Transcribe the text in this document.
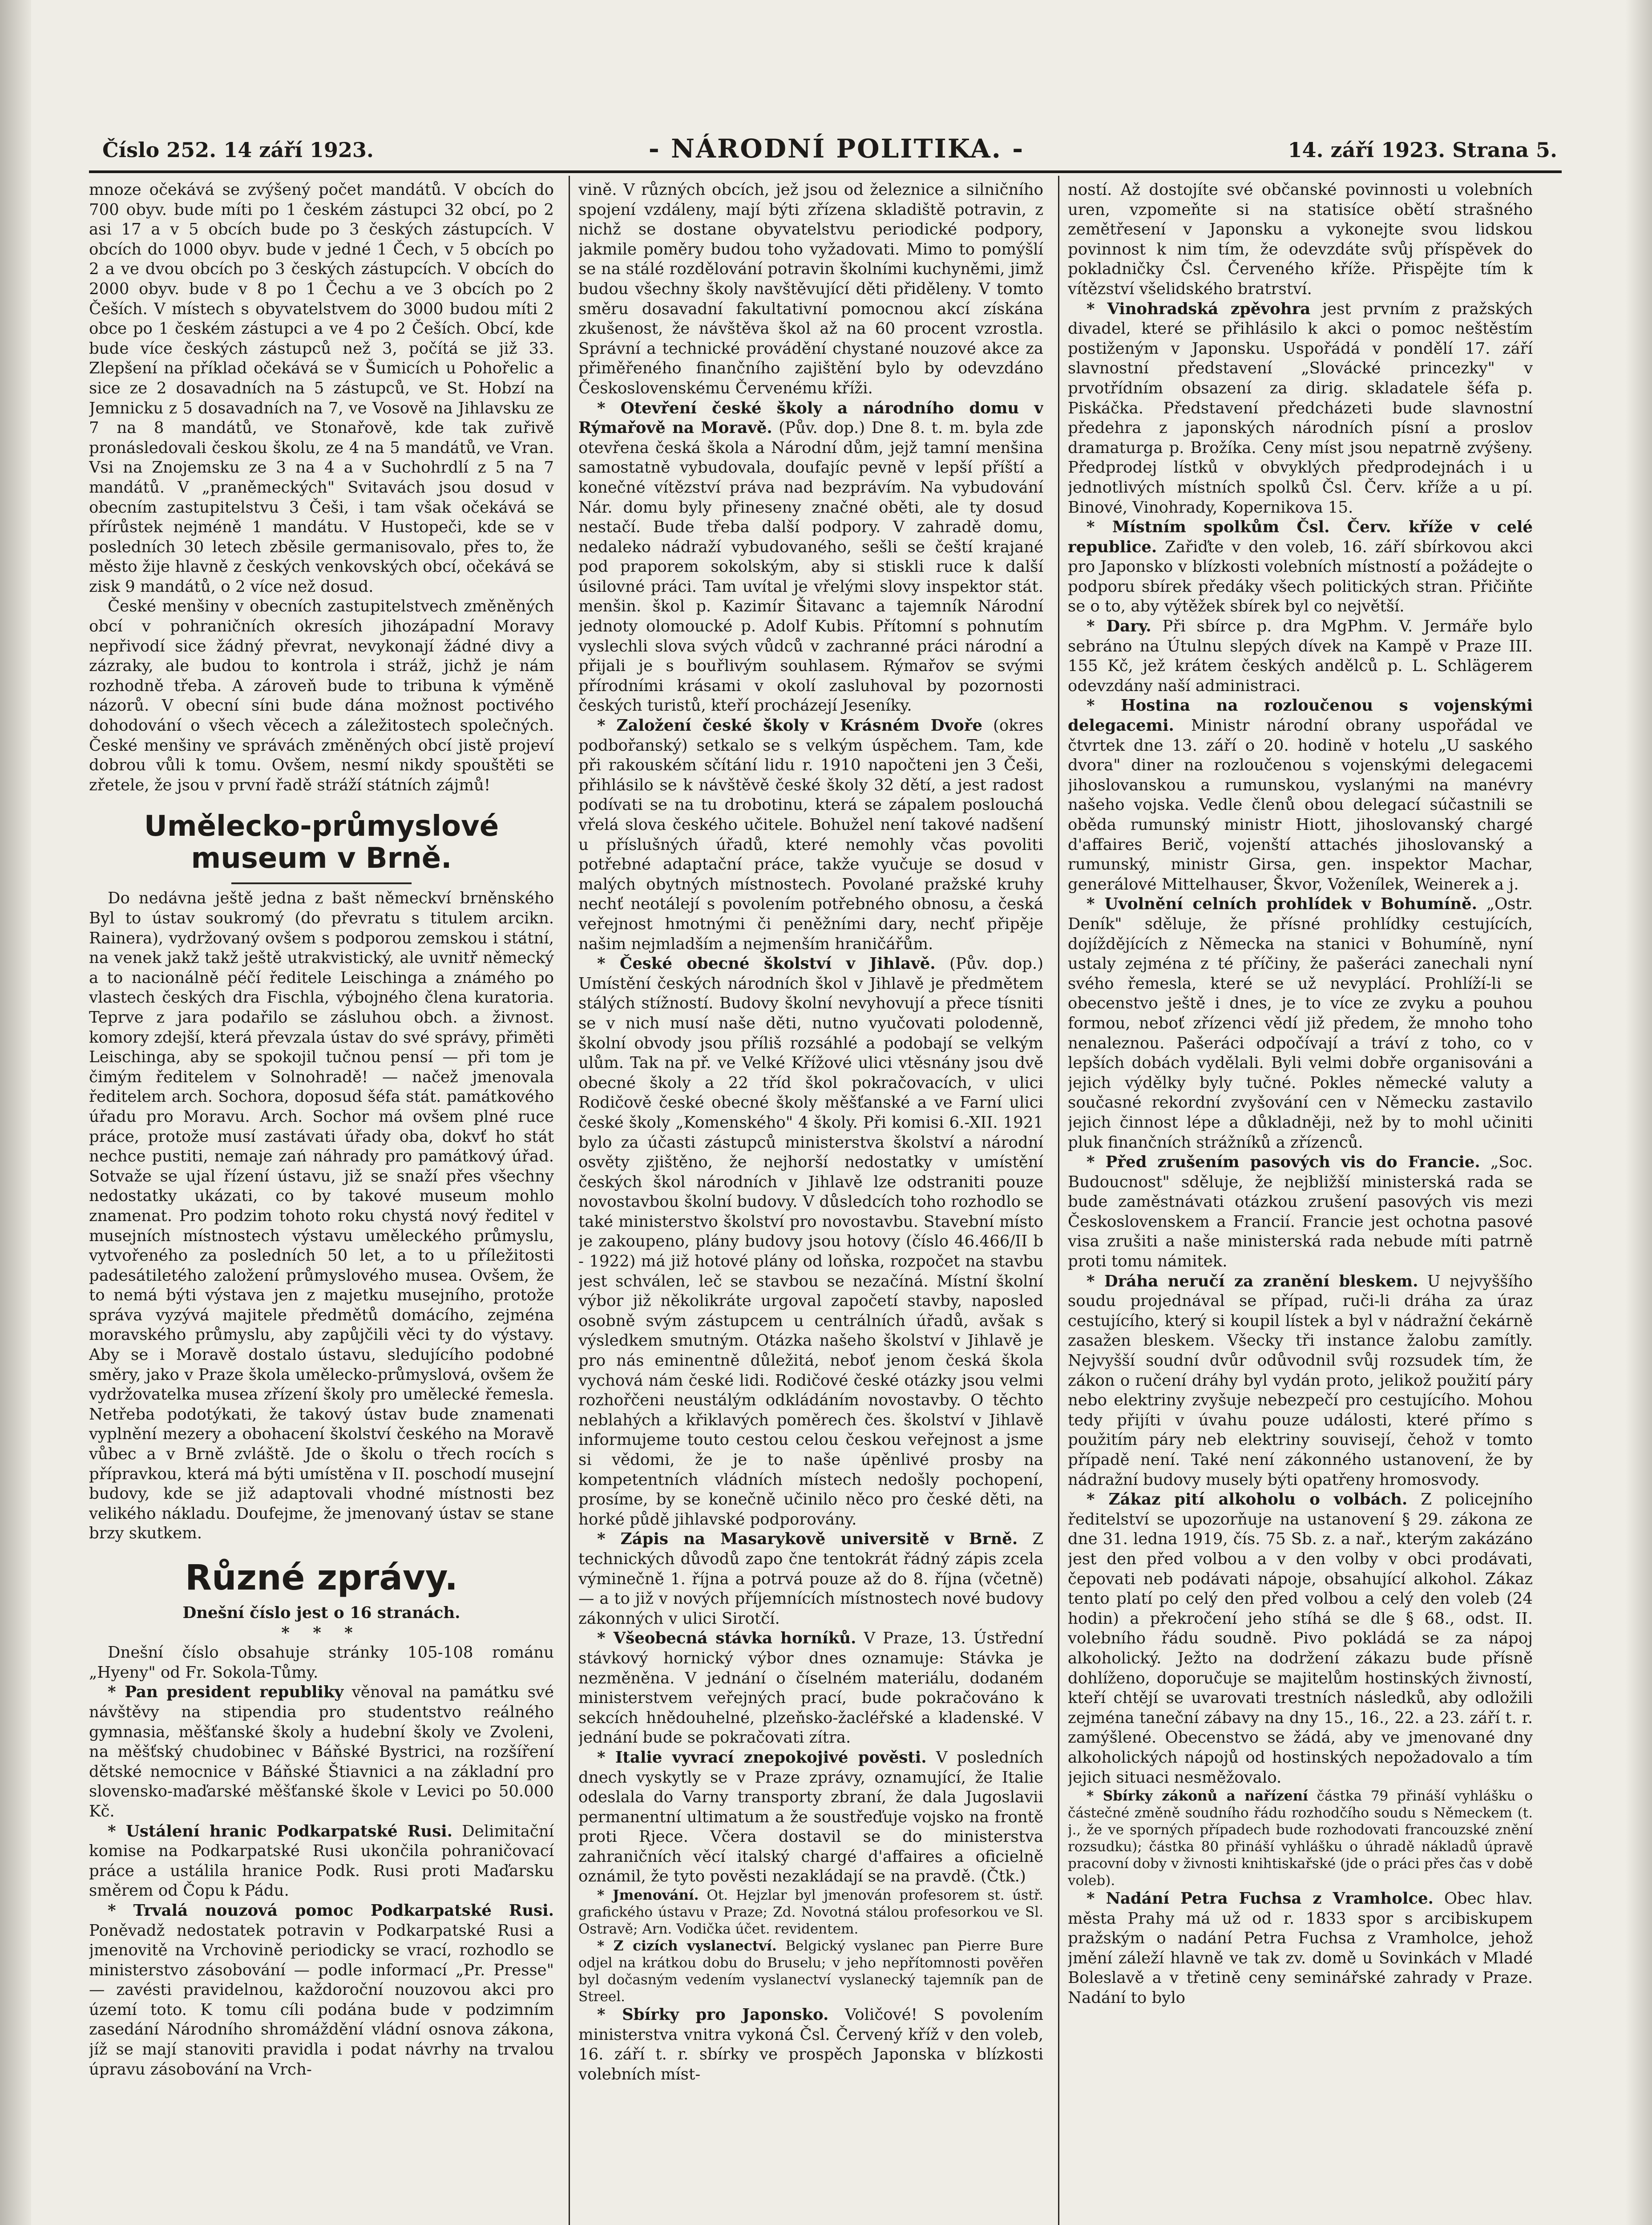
Číslo 252. 14 září 1923.	- NÁRODNÍ POLITIKA. -	14. září 1923. Strana 5.

mnoze očekává se zvýšený počet mandátů. V obcích do 700 obyv. bude míti po 1 českém zástupci 32 obcí, po 2 asi 17 a v 5 obcích bude po 3 českých zástupcích. V obcích do 1000 obyv. bude v jedné 1 Čech, v 5 obcích po 2 a ve dvou obcích po 3 českých zástupcích. V obcích do 2000 obyv. bude v 8 po 1 Čechu a ve 3 obcích po 2 Češích. V místech s obyvatelstvem do 3000 budou míti 2 obce po 1 českém zástupci a ve 4 po 2 Češích. Obcí, kde bude více českých zástupců než 3, počítá se již 33. Zlepšení na příklad očekává se v Šumicích u Pohořelic a sice ze 2 dosavadních na 5 zástupců, ve St. Hobzí na Jemnicku z 5 dosavadních na 7, ve Vosově na Jihlavsku ze 7 na 8 mandátů, ve Stonařově, kde tak zuřivě pronásledovali českou školu, ze 4 na 5 mandátů, ve Vran. Vsi na Znojemsku ze 3 na 4 a v Suchohrdlí z 5 na 7 mandátů. V „praněmeckých" Svitavách jsou dosud v obecním zastupitelstvu 3 Češi, i tam však očekává se přírůstek nejméně 1 mandátu. V Hustopeči, kde se v posledních 30 letech zběsile germanisovalo, přes to, že město žije hlavně z českých venkovských obcí, očekává se zisk 9 mandátů, o 2 více než dosud.

České menšiny v obecních zastupitelstvech změněných obcí v pohraničních okresích jihozápadní Moravy nepřivodí sice žádný převrat, nevykonají žádné divy a zázraky, ale budou to kontrola i stráž, jichž je nám rozhodně třeba. A zároveň bude to tribuna k výměně názorů. V obecní síni bude dána možnost poctivého dohodování o všech věcech a záležitostech společných. České menšiny ve správách změněných obcí jistě projeví dobrou vůli k tomu. Ovšem, nesmí nikdy spouštěti se zřetele, že jsou v první řadě stráží státních zájmů!

Umělecko-průmyslové museum v Brně.

Do nedávna ještě jedna z bašt německví brněnského Byl to ústav soukromý (do převratu s titulem arcikn. Rainera), vydržovaný ovšem s podporou zemskou i státní, na venek jakž takž ještě utrakvistický, ale uvnitř německý a to nacionálně péčí ředitele Leischinga a známého po vlastech českých dra Fischla, výbojného člena kuratoria. Teprve z jara podařilo se zásluhou obch. a živnost. komory zdejší, která převzala ústav do své správy, přiměti Leischinga, aby se spokojil tučnou pensí — při tom je čimým ředitelem v Solnohradě! — načež jmenovala ředitelem arch. Sochora, doposud šéfa stát. památkového úřadu pro Moravu. Arch. Sochor má ovšem plné ruce práce, protože musí zastávati úřady oba, dokvť ho stát nechce pustiti, nemaje zań náhrady pro památkový úřad. Sotvaže se ujal řízení ústavu, již se snaží přes všechny nedostatky ukázati, co by takové museum mohlo znamenat. Pro podzim tohoto roku chystá nový ředitel v musejních místnostech výstavu uměleckého průmyslu, vytvořeného za posledních 50 let, a to u příležitosti padesátiletého založení průmyslového musea. Ovšem, že to nemá býti výstava jen z majetku musejního, protože správa vyzývá majitele předmětů domácího, zejména moravského průmyslu, aby zapůjčili věci ty do výstavy. Aby se i Moravě dostalo ústavu, sledujícího podobné směry, jako v Praze škola umělecko-průmyslová, ovšem že vydržovatelka musea zřízení školy pro umělecké řemesla. Netřeba podotýkati, že takový ústav bude znamenati vyplnění mezery a obohacení školství českého na Moravě vůbec a v Brně zvláště. Jde o školu o třech rocích s přípravkou, která má býti umístěna v II. poschodí musejní budovy, kde se již adaptovali vhodné místnosti bez velikého nákladu. Doufejme, že jmenovaný ústav se stane brzy skutkem.

Různé zprávy.

Dnešní číslo jest o 16 stranách.

* * *

Dnešní číslo obsahuje stránky 105-108 románu „Hyeny" od Fr. Sokola-Tůmy.

* Pan president republiky věnoval na památku své návštěvy na stipendia pro studentstvo reálného gymnasia, měšťanské školy a hudební školy ve Zvoleni, na měšťský chudobinec v Báňské Bystrici, na rozšíření dětské nemocnice v Báňské Štiavnici a na základní pro slovensko-maďarské měšťanské škole v Levici po 50.000 Kč.

* Ustálení hranic Podkarpatské Rusi. Delimitační komise na Podkarpatské Rusi ukončila pohraničovací práce a ustálila hranice Podk. Rusi proti Maďarsku směrem od Čopu k Pádu.

* Trvalá nouzová pomoc Podkarpatské Rusi. Poněvadž nedostatek potravin v Podkarpatské Rusi a jmenovitě na Vrchovině periodicky se vrací, rozhodlo se ministerstvo zásobování — podle informací „Pr. Presse" — zavésti pravidelnou, každoroční nouzovou akci pro území toto. K tomu cíli podána bude v podzimním zasedání Národního shromáždění vládní osnova zákona, jíž se mají stanoviti pravidla i podat návrhy na trvalou úpravu zásobování na Vrch-

vině. V různých obcích, jež jsou od železnice a silničního spojení vzdáleny, mají býti zřízena skladiště potravin, z nichž se dostane obyvatelstvu periodické podpory, jakmile poměry budou toho vyžadovati. Mimo to pomýšlí se na stálé rozdělování potravin školními kuchyněmi, jimž budou všechny školy navštěvující děti přiděleny. V tomto směru dosavadní fakultativní pomocnou akcí získána zkušenost, že návštěva škol až na 60 procent vzrostla. Správní a technické provádění chystané nouzové akce za přiměřeného finančního zajištění bylo by odevzdáno Československému Červenému kříži.

* Otevření české školy a národního domu v Rýmařově na Moravě. (Pův. dop.) Dne 8. t. m. byla zde otevřena česká škola a Národní dům, jejž tamní menšina samostatně vybudovala, doufajíc pevně v lepší příští a konečné vítězství práva nad bezprávím. Na vybudování Nár. domu byly přineseny značné oběti, ale ty dosud nestačí. Bude třeba další podpory. V zahradě domu, nedaleko nádraží vybudovaného, sešli se čeští krajané pod praporem sokolským, aby si stiskli ruce k další úsilovné práci. Tam uvítal je vřelými slovy inspektor stát. menšin. škol p. Kazimír Šitavanc a tajemník Národní jednoty olomoucké p. Adolf Kubis. Přítomní s pohnutím vyslechli slova svých vůdců v zachranné práci národní a přijali je s bouřlivým souhlasem. Rýmařov se svými přírodními krásami v okolí zasluhoval by pozornosti českých turistů, kteří procházejí Jeseníky.

* Založení české školy v Krásném Dvoře (okres podbořanský) setkalo se s velkým úspěchem. Tam, kde při rakouském sčítání lidu r. 1910 napočteni jen 3 Češi, přihlásilo se k návštěvě české školy 32 dětí, a jest radost podívati se na tu drobotinu, která se zápalem poslouchá vřelá slova českého učitele. Bohužel není takové nadšení u příslušných úřadů, které nemohly včas povoliti potřebné adaptační práce, takže vyučuje se dosud v malých obytných místnostech. Povolané pražské kruhy nechť neotálejí s povolením potřebného obnosu, a česká veřejnost hmotnými či peněžními dary, nechť připěje našim nejmladším a nejmenším hraničářům.

* České obecné školství v Jihlavě. (Pův. dop.) Umístění českých národních škol v Jihlavě je předmětem stálých stížností. Budovy školní nevyhovují a přece tísniti se v nich musí naše děti, nutno vyučovati polodenně, školní obvody jsou příliš rozsáhlé a podobají se velkým ulům. Tak na př. ve Velké Křížové ulici vtěsnány jsou dvě obecné školy a 22 tříd škol pokračovacích, v ulici Rodičově české obecné školy měšťanské a ve Farní ulici české školy „Komenského" 4 školy. Při komisi 6.-XII. 1921 bylo za účasti zástupců ministerstva školství a národní osvěty zjištěno, že nejhorší nedostatky v umístění českých škol národních v Jihlavě lze odstraniti pouze novostavbou školní budovy. V důsledcích toho rozhodlo se také ministerstvo školství pro novostavbu. Stavební místo je zakoupeno, plány budovy jsou hotovy (číslo 46.466/II b - 1922) má již hotové plány od loňska, rozpočet na stavbu jest schválen, leč se stavbou se nezačíná. Místní školní výbor již několikráte urgoval započetí stavby, naposled osobně svým zástupcem u centrálních úřadů, avšak s výsledkem smutným. Otázka našeho školství v Jihlavě je pro nás eminentně důležitá, neboť jenom česká škola vychová nám české lidi. Rodičové české otázky jsou velmi rozhořčeni neustálým odkládáním novostavby. O těchto neblahých a křiklavých poměrech čes. školství v Jihlavě informujeme touto cestou celou českou veřejnost a jsme si vědomi, že je to naše úpěnlivé prosby na kompetentních vládních místech nedošly pochopení, prosíme, by se konečně učinilo něco pro české děti, na horké půdě jihlavské podporovány.

* Zápis na Masarykově universitě v Brně. Z technických důvodů zapo čne tentokrát řádný zápis zcela výminečně 1. října a potrvá pouze až do 8. října (včetně) — a to již v nových příjemnících místnostech nové budovy zákonných v ulici Sirotčí.

* Všeobecná stávka horníků. V Praze, 13. Ústřední stávkový hornický výbor dnes oznamuje: Stávka je nezměněna. V jednání o číselném materiálu, dodaném ministerstvem veřejných prací, bude pokračováno k sekcích hnědouhelné, plzeňsko-žacléřské a kladenské. V jednání bude se pokračovati zítra.

* Italie vyvrací znepokojivé pověsti. V posledních dnech vyskytly se v Praze zprávy, oznamující, že Italie odeslala do Varny transporty zbraní, že dala Jugoslavii permanentní ultimatum a že soustřeďuje vojsko na frontě proti Rjece. Včera dostavil se do ministerstva zahraničních věcí italský chargé d'affaires a oficielně oznámil, že tyto pověsti nezakládají se na pravdě. (Čtk.)

* Jmenování. Ot. Hejzlar byl jmenován profesorem st. ústř. grafického ústavu v Praze; Zd. Novotná stálou profesorkou ve Sl. Ostravě; Arn. Vodička účet. revidentem.

* Z cizích vyslanectví. Belgický vyslanec pan Pierre Bure odjel na krátkou dobu do Bruselu; v jeho nepřítomnosti pověřen byl dočasným vedením vyslanectví vyslanecký tajemník pan de Streel.

* Sbírky pro Japonsko. Voličové! S povolením ministerstva vnitra vykoná Čsl. Červený kříž v den voleb, 16. září t. r. sbírky ve prospěch Japonska v blízkosti volebních míst-

ností. Až dostojíte své občanské povinnosti u volebních uren, vzpomeňte si na statisíce obětí strašného zemětřesení v Japonsku a vykonejte svou lidskou povinnost k nim tím, že odevzdáte svůj příspěvek do pokladničky Čsl. Červeného kříže. Přispějte tím k vítězství všelidského bratrství.

* Vinohradská zpěvohra jest prvním z pražských divadel, které se přihlásilo k akci o pomoc neštěstím postiženým v Japonsku. Uspořádá v pondělí 17. září slavnostní představení „Slovácké princezky" v prvotřídním obsazení za dirig. skladatele šéfa p. Piskáčka. Představení předcházeti bude slavnostní předehra z japonských národních písní a proslov dramaturga p. Brožíka. Ceny míst jsou nepatrně zvýšeny. Předprodej lístků v obvyklých předprodejnách i u jednotlivých místních spolků Čsl. Červ. kříže a u pí. Binové, Vinohrady, Kopernikova 15.

* Místním spolkům Čsl. Červ. kříže v celé republice. Zařiďte v den voleb, 16. září sbírkovou akci pro Japonsko v blízkosti volebních místností a požádejte o podporu sbírek předáky všech politických stran. Přičiňte se o to, aby výtěžek sbírek byl co největší.

* Dary. Při sbírce p. dra MgPhm. V. Jermáře bylo sebráno na Útulnu slepých dívek na Kampě v Praze III. 155 Kč, jež krátem českých andělců p. L. Schlägerem odevzdány naší administraci.

* Hostina na rozloučenou s vojenskými delegacemi. Ministr národní obrany uspořádal ve čtvrtek dne 13. září o 20. hodině v hotelu „U saského dvora" diner na rozloučenou s vojenskými delegacemi jihoslovanskou a rumunskou, vyslanými na manévry našeho vojska. Vedle členů obou delegací súčastnili se oběda rumunský ministr Hiott, jihoslovanský chargé d'affaires Berič, vojenští attachés jihoslovanský a rumunský, ministr Girsa, gen. inspektor Machar, generálové Mittelhauser, Škvor, Voženílek, Weinerek a j.

* Uvolnění celních prohlídek v Bohumíně. „Ostr. Deník" sděluje, že přísné prohlídky cestujících, dojíždějících z Německa na stanici v Bohumíně, nyní ustaly zejména z té příčiny, že pašeráci zanechali nyní svého řemesla, které se už nevyplácí. Prohlíží-li se obecenstvo ještě i dnes, je to více ze zvyku a pouhou formou, neboť zřízenci vědí již předem, že mnoho toho nenaleznou. Pašeráci odpočívají a tráví z toho, co v lepších dobách vydělali. Byli velmi dobře organisováni a jejich výdělky byly tučné. Pokles německé valuty a současné rekordní zvyšování cen v Německu zastavilo jejich činnost lépe a důkladněji, než by to mohl učiniti pluk finančních strážníků a zřízenců.

* Před zrušením pasových vis do Francie. „Soc. Budoucnost" sděluje, že nejbližší ministerská rada se bude zaměstnávati otázkou zrušení pasových vis mezi Československem a Francií. Francie jest ochotna pasové visa zrušiti a naše ministerská rada nebude míti patrně proti tomu námitek.

* Dráha neručí za zranění bleskem. U nejvyššího soudu projednával se případ, ruči-li dráha za úraz cestujícího, který si koupil lístek a byl v nádražní čekárně zasažen bleskem. Všecky tři instance žalobu zamítly. Nejvyšší soudní dvůr odůvodnil svůj rozsudek tím, že zákon o ručení dráhy byl vydán proto, jelikož použití páry nebo elektriny zvyšuje nebezpečí pro cestujícího. Mohou tedy přijíti v úvahu pouze události, které přímo s použitím páry neb elektriny souvisejí, čehož v tomto případě není. Také není zákonného ustanovení, že by nádražní budovy musely býti opatřeny hromosvody.

* Zákaz pití alkoholu o volbách. Z policejního ředitelství se upozorňuje na ustanovení § 29. zákona ze dne 31. ledna 1919, čís. 75 Sb. z. a nař., kterým zakázáno jest den před volbou a v den volby v obci prodávati, čepovati neb podávati nápoje, obsahující alkohol. Zákaz tento platí po celý den před volbou a celý den voleb (24 hodin) a překročení jeho stíhá se dle § 68., odst. II. volebního řádu soudně. Pivo pokládá se za nápoj alkoholický. Ježto na dodržení zákazu bude přísně dohlíženo, doporučuje se majitelům hostinských živností, kteří chtějí se uvarovati trestních následků, aby odložili zejména taneční zábavy na dny 15., 16., 22. a 23. září t. r. zamýšlené. Obecenstvo se žádá, aby ve jmenované dny alkoholických nápojů od hostinských nepožadovalo a tím jejich situaci nesměžovalo.

* Sbírky zákonů a nařízení částka 79 přináší vyhlášku o částečné změně soudního řádu rozhodčího soudu s Německem (t. j., že ve sporných případech bude rozhodovati francouzské znění rozsudku); částka 80 přináší vyhlášku o úhradě nákladů úpravě pracovní doby v živnosti knihtiskařské (jde o práci přes čas v době voleb).

* Nadání Petra Fuchsa z Vramholce. Obec hlav. města Prahy má už od r. 1833 spor s arcibiskupem pražským o nadání Petra Fuchsa z Vramholce, jehož jmění záleží hlavně ve tak zv. domě u Sovinkách v Mladé Boleslavě a v třetině ceny seminářské zahrady v Praze. Nadání to bylo
